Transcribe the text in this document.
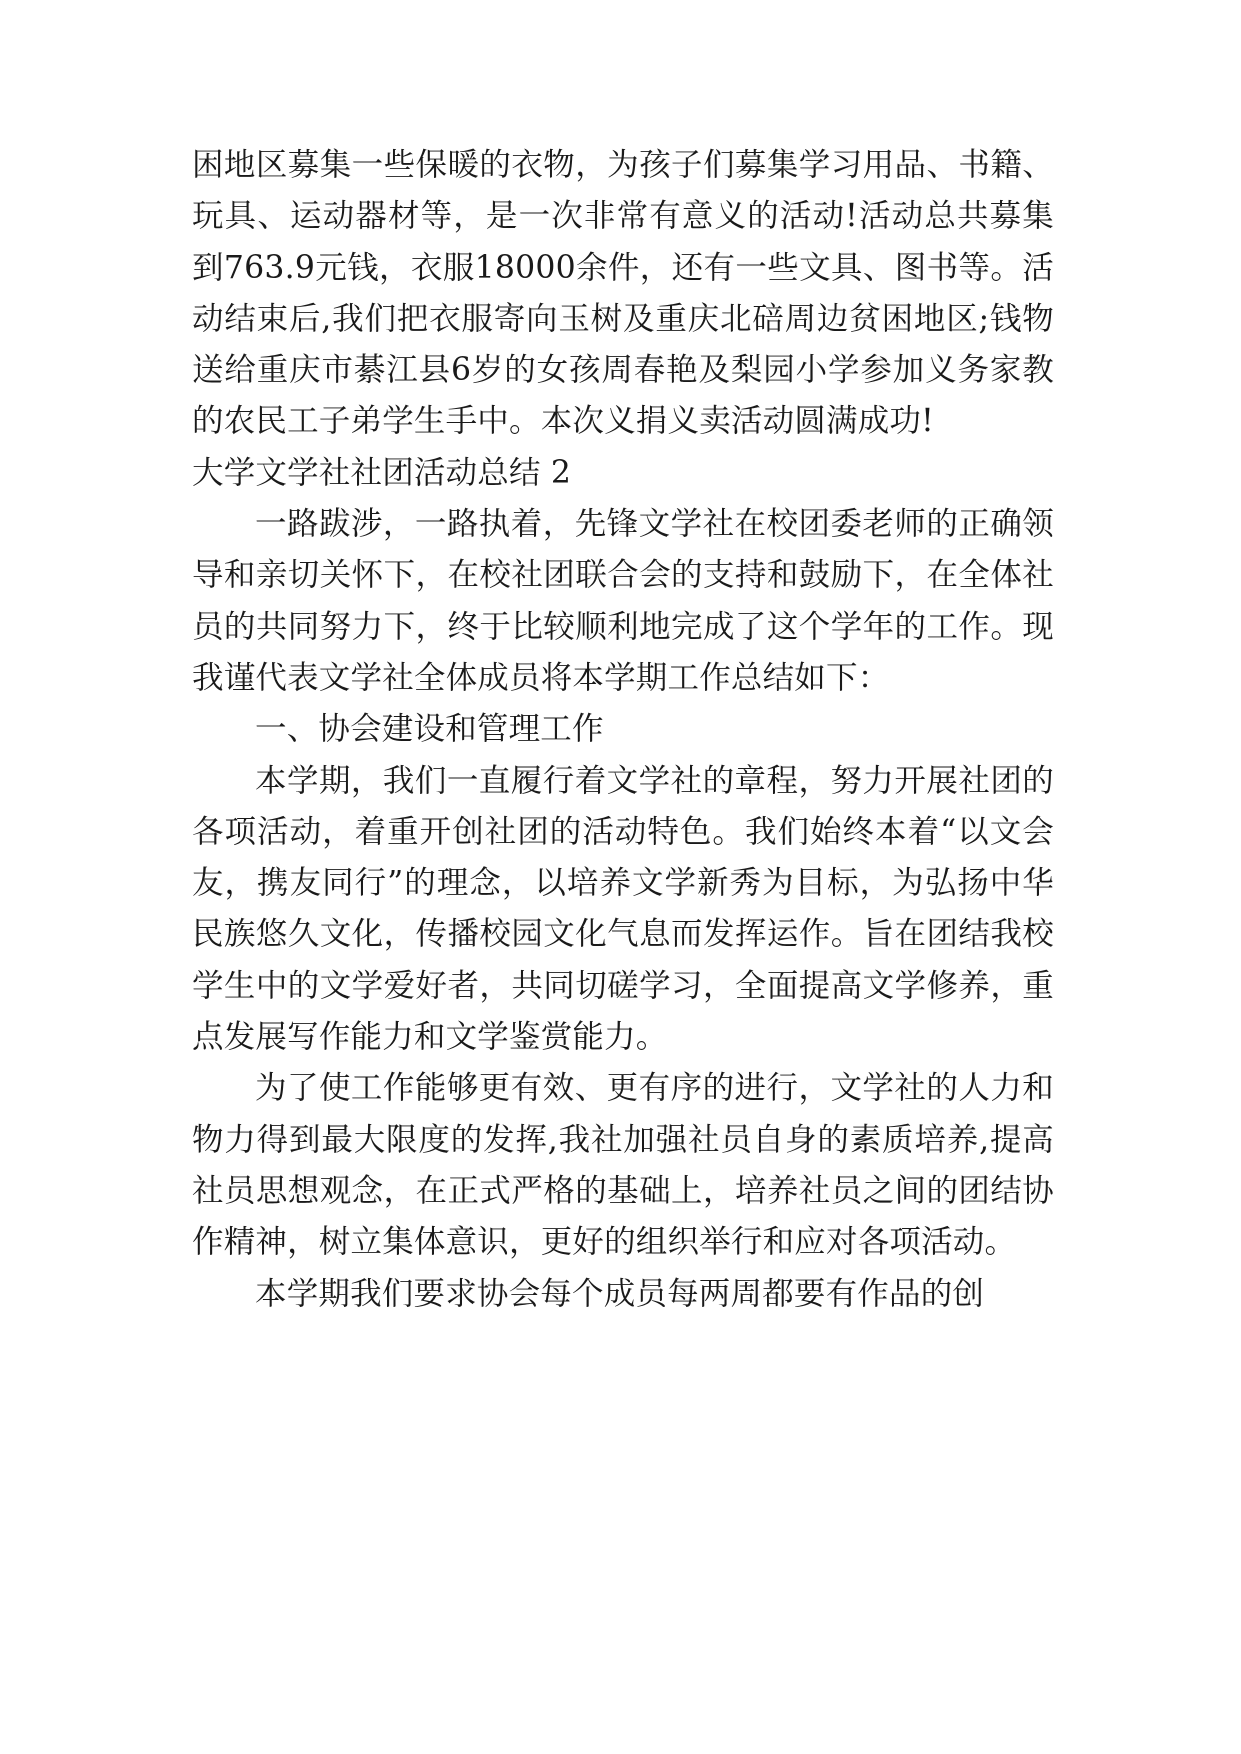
困地区募集一些保暖的衣物，为孩子们募集学习用品、书籍、玩具、运动器材等，是一次非常有意义的活动!活动总共募集到763.9元钱，衣服18000余件，还有一些文具、图书等。活动结束后,我们把衣服寄向玉树及重庆北碚周边贫困地区;钱物送给重庆市綦江县6岁的女孩周春艳及梨园小学参加义务家教的农民工子弟学生手中。本次义捐义卖活动圆满成功!

大学文学社社团活动总结 2

一路跋涉，一路执着，先锋文学社在校团委老师的正确领导和亲切关怀下，在校社团联合会的支持和鼓励下，在全体社员的共同努力下，终于比较顺利地完成了这个学年的工作。现我谨代表文学社全体成员将本学期工作总结如下：

一、协会建设和管理工作

本学期，我们一直履行着文学社的章程，努力开展社团的各项活动，着重开创社团的活动特色。我们始终本着“以文会友，携友同行”的理念，以培养文学新秀为目标，为弘扬中华民族悠久文化，传播校园文化气息而发挥运作。旨在团结我校学生中的文学爱好者，共同切磋学习，全面提高文学修养，重点发展写作能力和文学鉴赏能力。

为了使工作能够更有效、更有序的进行，文学社的人力和物力得到最大限度的发挥,我社加强社员自身的素质培养,提高社员思想观念，在正式严格的基础上，培养社员之间的团结协作精神，树立集体意识，更好的组织举行和应对各项活动。

本学期我们要求协会每个成员每两周都要有作品的创
